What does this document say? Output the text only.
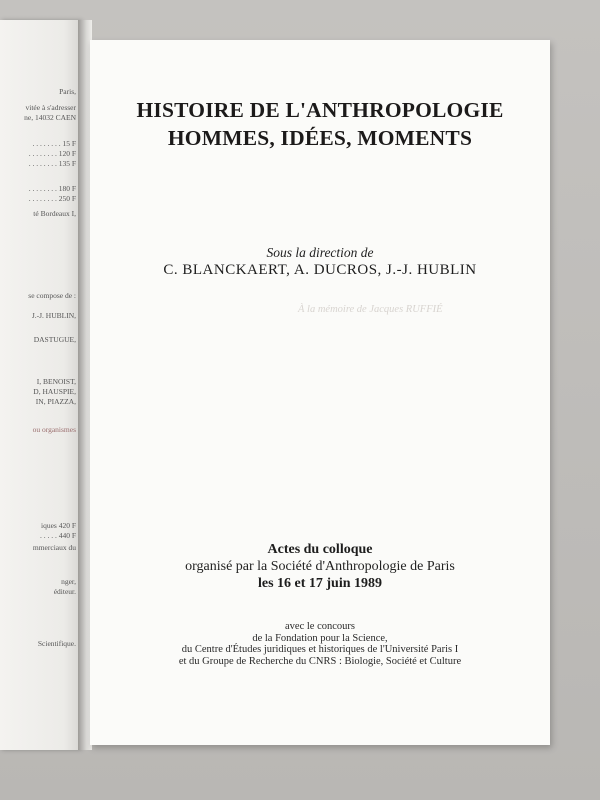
Paris,
vitée à s'adresser
ne, 14032 CAEN
. . . . . . . . 15 F
. . . . . . . . 120 F
. . . . . . . . 135 F
. . . . . . . . 180 F
. . . . . . . . 250 F
té Bordeaux I,
se compose de :
J.-J. HUBLIN,
DASTUGUE,
I, BENOIST,
D, HAUSPIE,
IN, PIAZZA,
ou organismes
iques 420 F
. . . . . 440 F
mmerciaux du
nger,
éditeur.
Scientifique.
HISTOIRE DE L'ANTHROPOLOGIE
HOMMES, IDÉES, MOMENTS
Sous la direction de
C. BLANCKAERT, A. DUCROS, J.-J. HUBLIN
À la mémoire de Jacques RUFFIÉ
Actes du colloque
organisé par la Société d'Anthropologie de Paris
les 16 et 17 juin 1989
avec le concours
de la Fondation pour la Science,
du Centre d'Études juridiques et historiques de l'Université Paris I
et du Groupe de Recherche du CNRS : Biologie, Société et Culture
